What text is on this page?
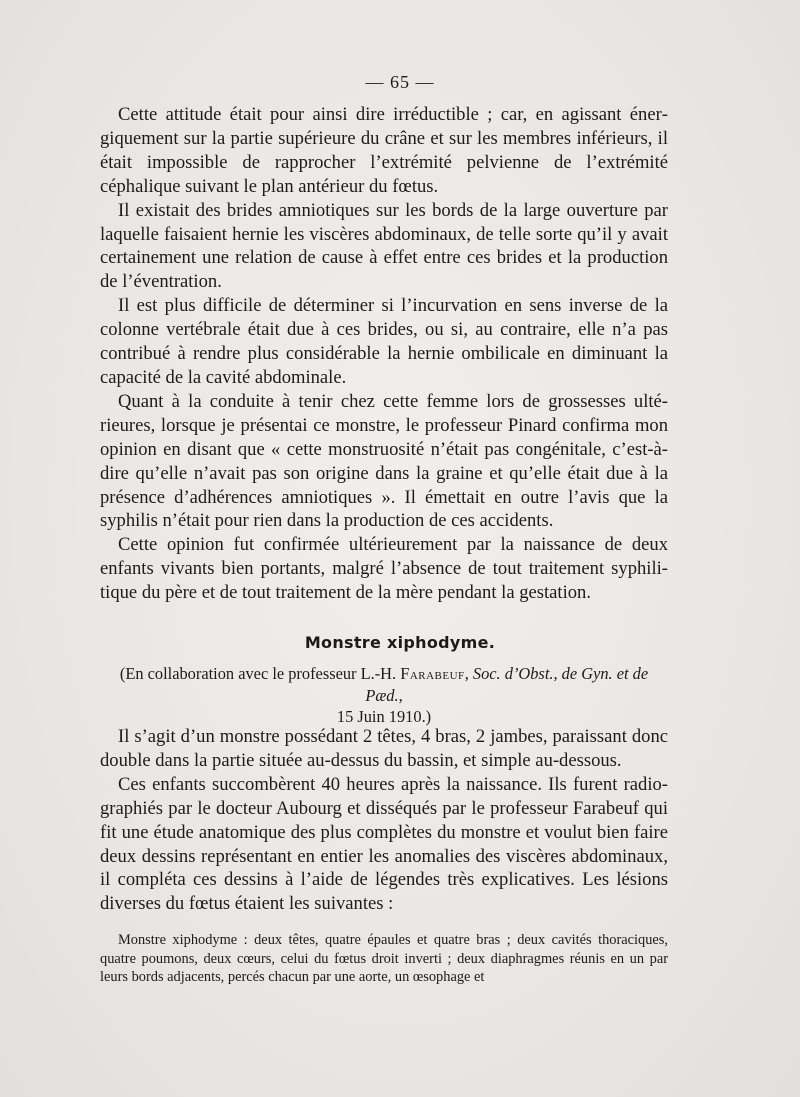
— 65 —

Cette attitude était pour ainsi dire irréductible ; car, en agissant énergiquement sur la partie supérieure du crâne et sur les membres inférieurs, il était impossible de rapprocher l’extrémité pelvienne de l’extrémité céphalique suivant le plan antérieur du fœtus.

Il existait des brides amniotiques sur les bords de la large ouverture par laquelle faisaient hernie les viscères abdominaux, de telle sorte qu’il y avait certainement une relation de cause à effet entre ces brides et la production de l’éventration.

Il est plus difficile de déterminer si l’incurvation en sens inverse de la colonne vertébrale était due à ces brides, ou si, au contraire, elle n’a pas contribué à rendre plus considérable la hernie ombilicale en diminuant la capacité de la cavité abdominale.

Quant à la conduite à tenir chez cette femme lors de grossesses ultérieures, lorsque je présentai ce monstre, le professeur Pinard confirma mon opinion en disant que « cette monstruosité n’était pas congénitale, c’est-à-dire qu’elle n’avait pas son origine dans la graine et qu’elle était due à la présence d’adhérences amniotiques ». Il émettait en outre l’avis que la syphilis n’était pour rien dans la production de ces accidents.

Cette opinion fut confirmée ultérieurement par la naissance de deux enfants vivants bien portants, malgré l’absence de tout traitement syphilitique du père et de tout traitement de la mère pendant la gestation.

Monstre xiphodyme.
(En collaboration avec le professeur L.-H. Farabeuf, Soc. d’Obst., de Gyn. et de Pæd.,
15 Juin 1910.)

Il s’agit d’un monstre possédant 2 têtes, 4 bras, 2 jambes, paraissant donc double dans la partie située au-dessus du bassin, et simple au-dessous.

Ces enfants succombèrent 40 heures après la naissance. Ils furent radiographiés par le docteur Aubourg et disséqués par le professeur Farabeuf qui fit une étude anatomique des plus complètes du monstre et voulut bien faire deux dessins représentant en entier les anomalies des viscères abdominaux, il compléta ces dessins à l’aide de légendes très explicatives. Les lésions diverses du fœtus étaient les suivantes :

Monstre xiphodyme : deux têtes, quatre épaules et quatre bras ; deux cavités thoraciques, quatre poumons, deux cœurs, celui du fœtus droit inverti ; deux diaphragmes réunis en un par leurs bords adjacents, percés chacun par une aorte, un œsophage et
